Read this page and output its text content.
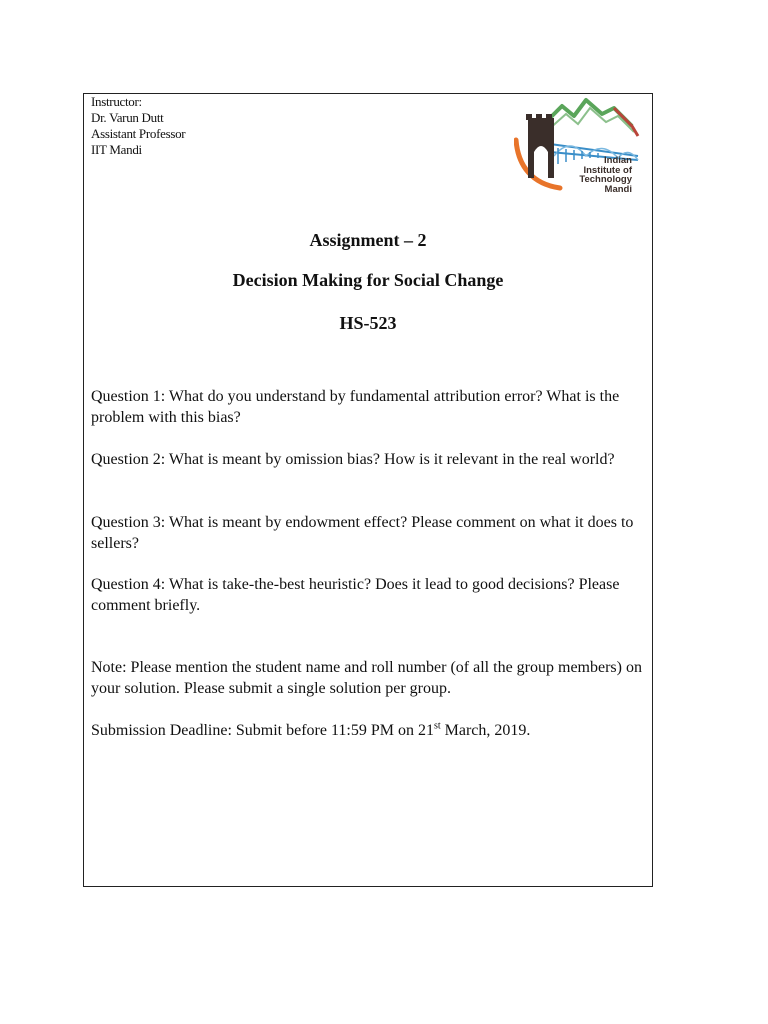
Instructor:
Dr. Varun Dutt
Assistant Professor
IIT Mandi
Indian
Institute of
Technology
Mandi
Assignment – 2
Decision Making for Social Change
HS-523
Question 1: What do you understand by fundamental attribution error? What is the problem with this bias?
Question 2: What is meant by omission bias? How is it relevant in the real world?
Question 3: What is meant by endowment effect? Please comment on what it does to sellers?
Question 4: What is take-the-best heuristic? Does it lead to good decisions? Please comment briefly.
Note: Please mention the student name and roll number (of all the group members) on your solution. Please submit a single solution per group.
Submission Deadline: Submit before 11:59 PM on 21st March, 2019.
